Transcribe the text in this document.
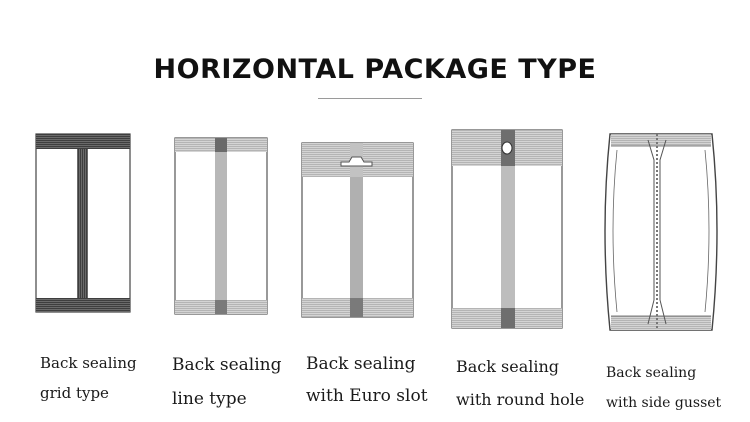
HORIZONTAL PACKAGE TYPE
Back sealing
grid type
Back sealing
line type
Back sealing
with Euro slot
Back sealing
with round hole
Back sealing
with side gusset
